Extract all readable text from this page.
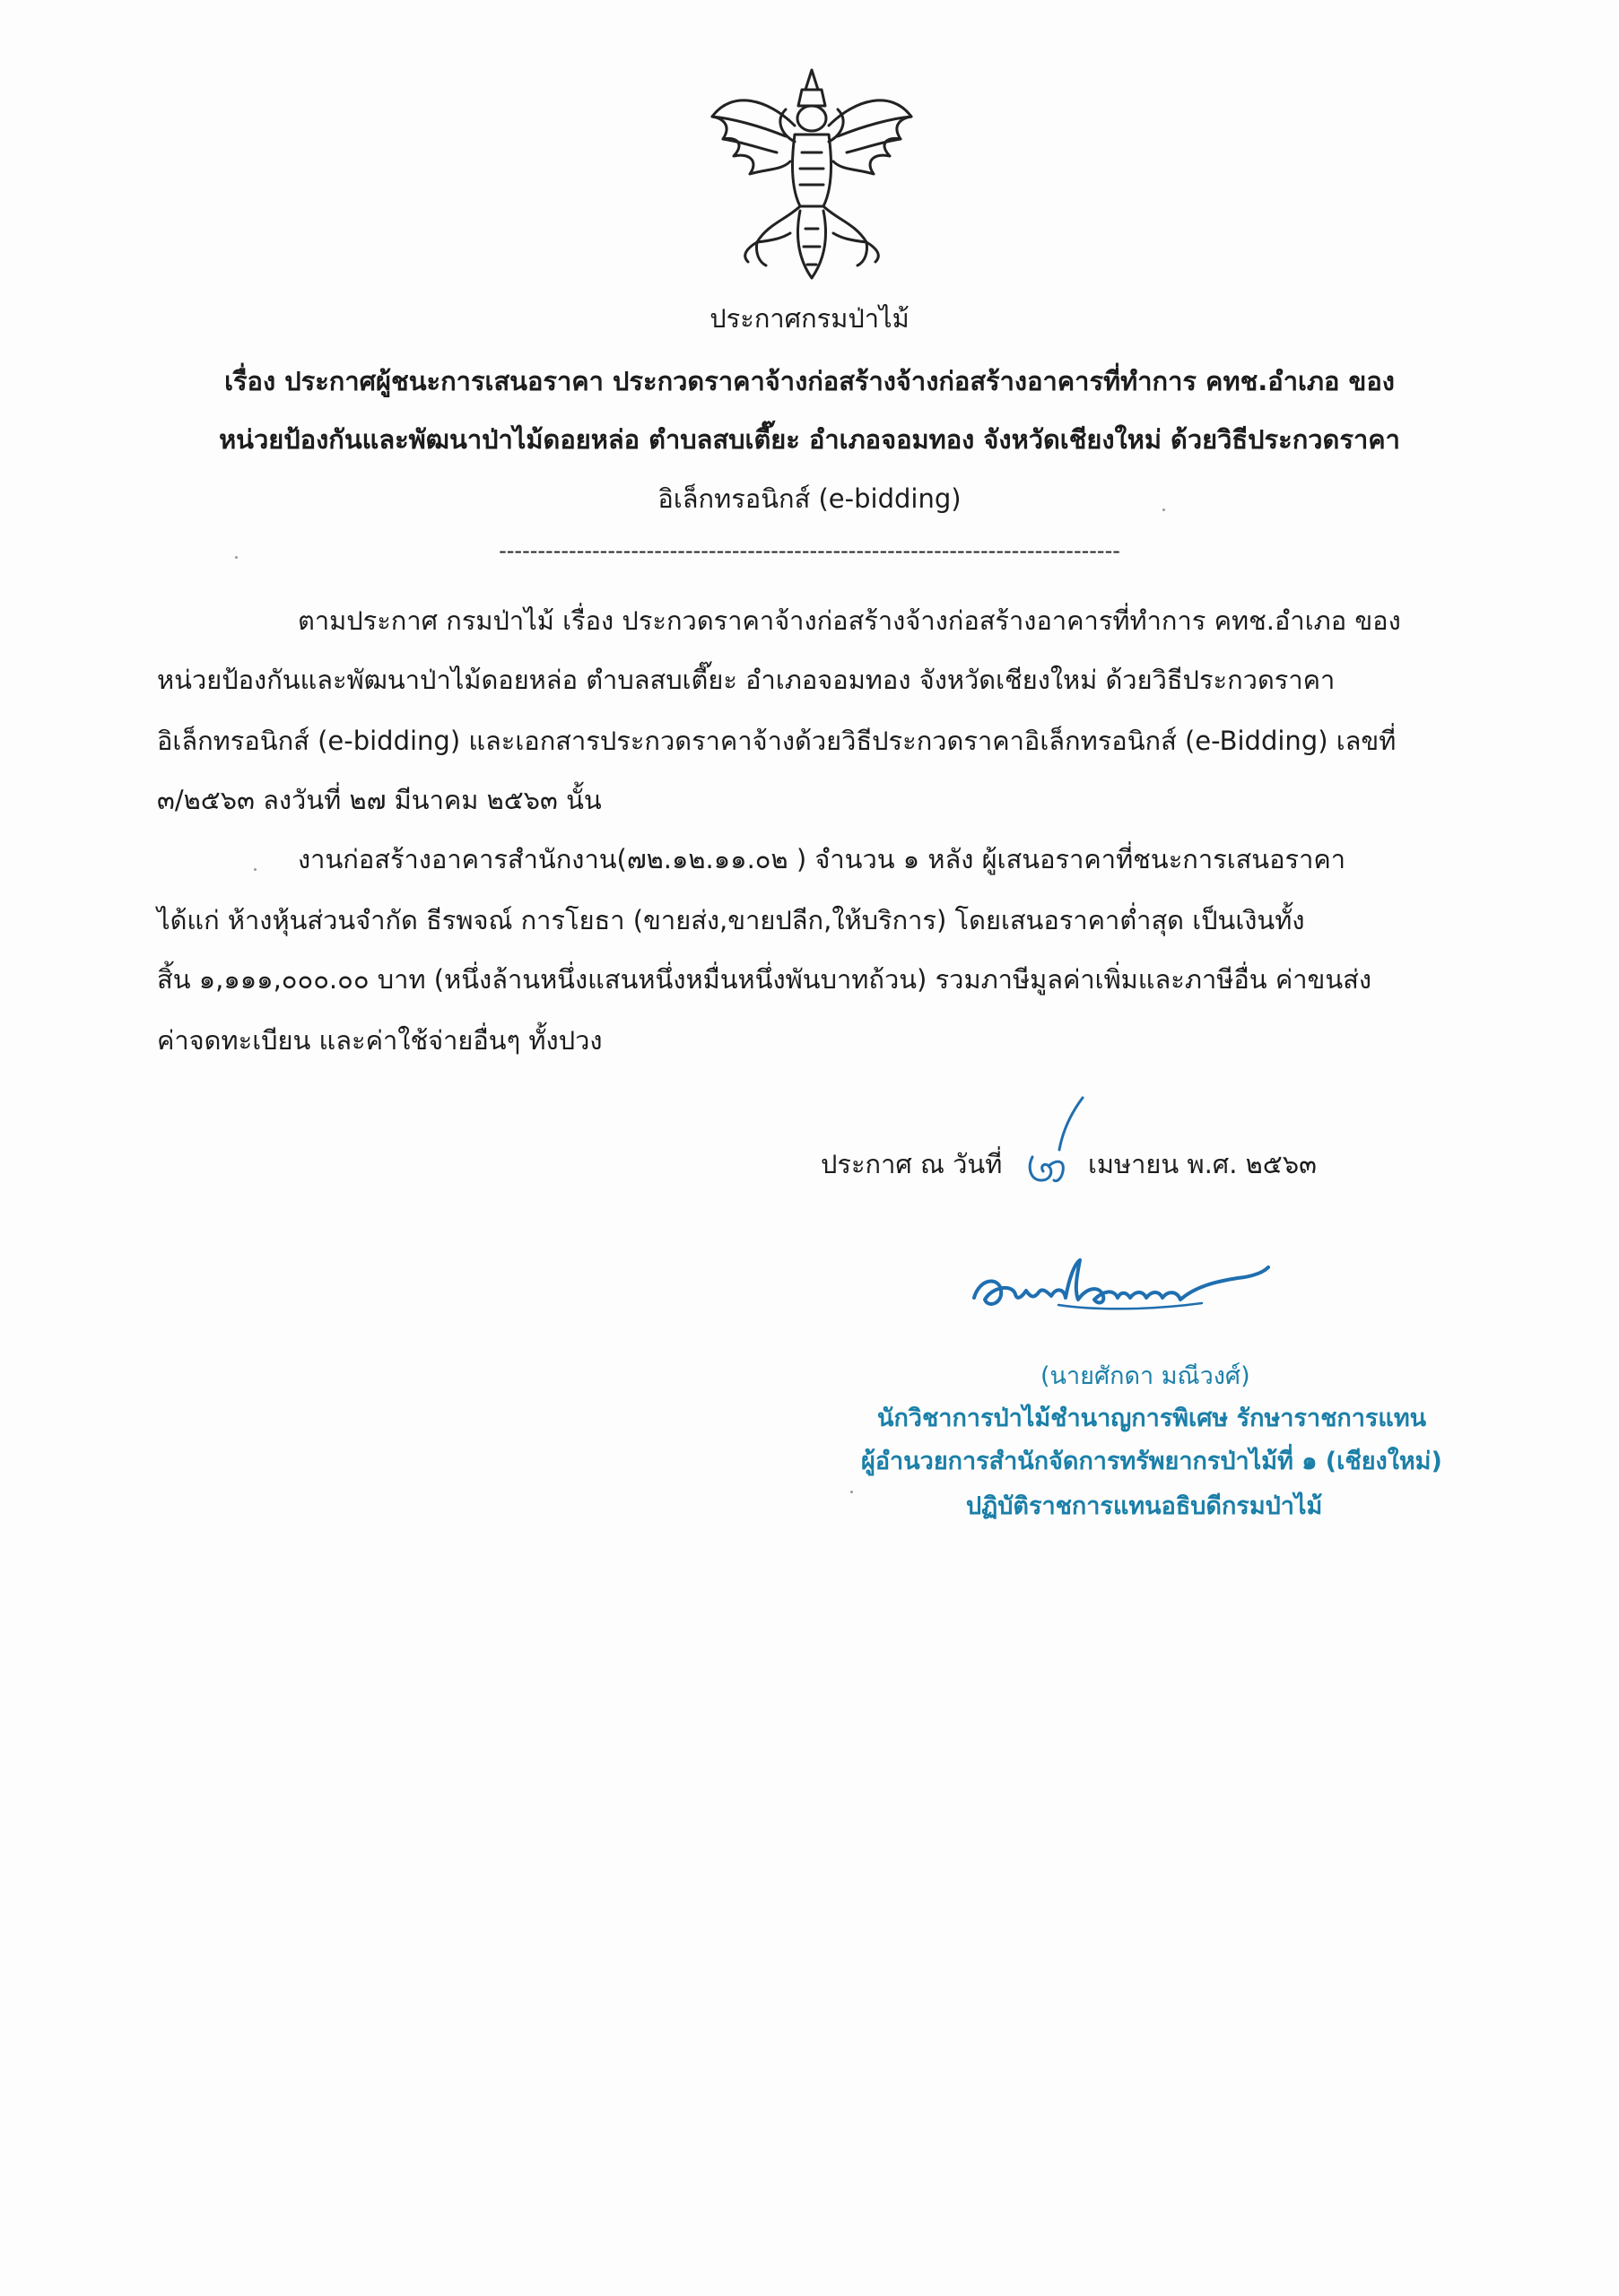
ประกาศกรมป่าไม้
เรื่อง ประกาศผู้ชนะการเสนอราคา ประกวดราคาจ้างก่อสร้างจ้างก่อสร้างอาคารที่ทำการ คทช.อำเภอ ของ
หน่วยป้องกันและพัฒนาป่าไม้ดอยหล่อ ตำบลสบเตี๊ยะ อำเภอจอมทอง จังหวัดเชียงใหม่ ด้วยวิธีประกวดราคา
อิเล็กทรอนิกส์ (e-bidding)
--------------------------------------------------------------------------------
ตามประกาศ กรมป่าไม้ เรื่อง ประกวดราคาจ้างก่อสร้างจ้างก่อสร้างอาคารที่ทำการ คทช.อำเภอ ของ
หน่วยป้องกันและพัฒนาป่าไม้ดอยหล่อ ตำบลสบเตี๊ยะ อำเภอจอมทอง จังหวัดเชียงใหม่ ด้วยวิธีประกวดราคา
อิเล็กทรอนิกส์ (e-bidding) และเอกสารประกวดราคาจ้างด้วยวิธีประกวดราคาอิเล็กทรอนิกส์ (e-Bidding) เลขที่
๓/๒๕๖๓ ลงวันที่ ๒๗ มีนาคม ๒๕๖๓ นั้น
งานก่อสร้างอาคารสำนักงาน(๗๒.๑๒.๑๑.๐๒ ) จำนวน ๑ หลัง ผู้เสนอราคาที่ชนะการเสนอราคา
ได้แก่ ห้างหุ้นส่วนจำกัด ธีรพจณ์ การโยธา (ขายส่ง,ขายปลีก,ให้บริการ) โดยเสนอราคาต่ำสุด เป็นเงินทั้ง
สิ้น ๑,๑๑๑,๐๐๐.๐๐ บาท (หนึ่งล้านหนึ่งแสนหนึ่งหมื่นหนึ่งพันบาทถ้วน) รวมภาษีมูลค่าเพิ่มและภาษีอื่น ค่าขนส่ง
ค่าจดทะเบียน และค่าใช้จ่ายอื่นๆ ทั้งปวง
ประกาศ ณ วันที่
๕
เมษายน พ.ศ. ๒๕๖๓
(นายศักดา มณีวงศ์)
นักวิชาการป่าไม้ชำนาญการพิเศษ รักษาราชการแทน
ผู้อำนวยการสำนักจัดการทรัพยากรป่าไม้ที่ ๑ (เชียงใหม่)
ปฏิบัติราชการแทนอธิบดีกรมป่าไม้
